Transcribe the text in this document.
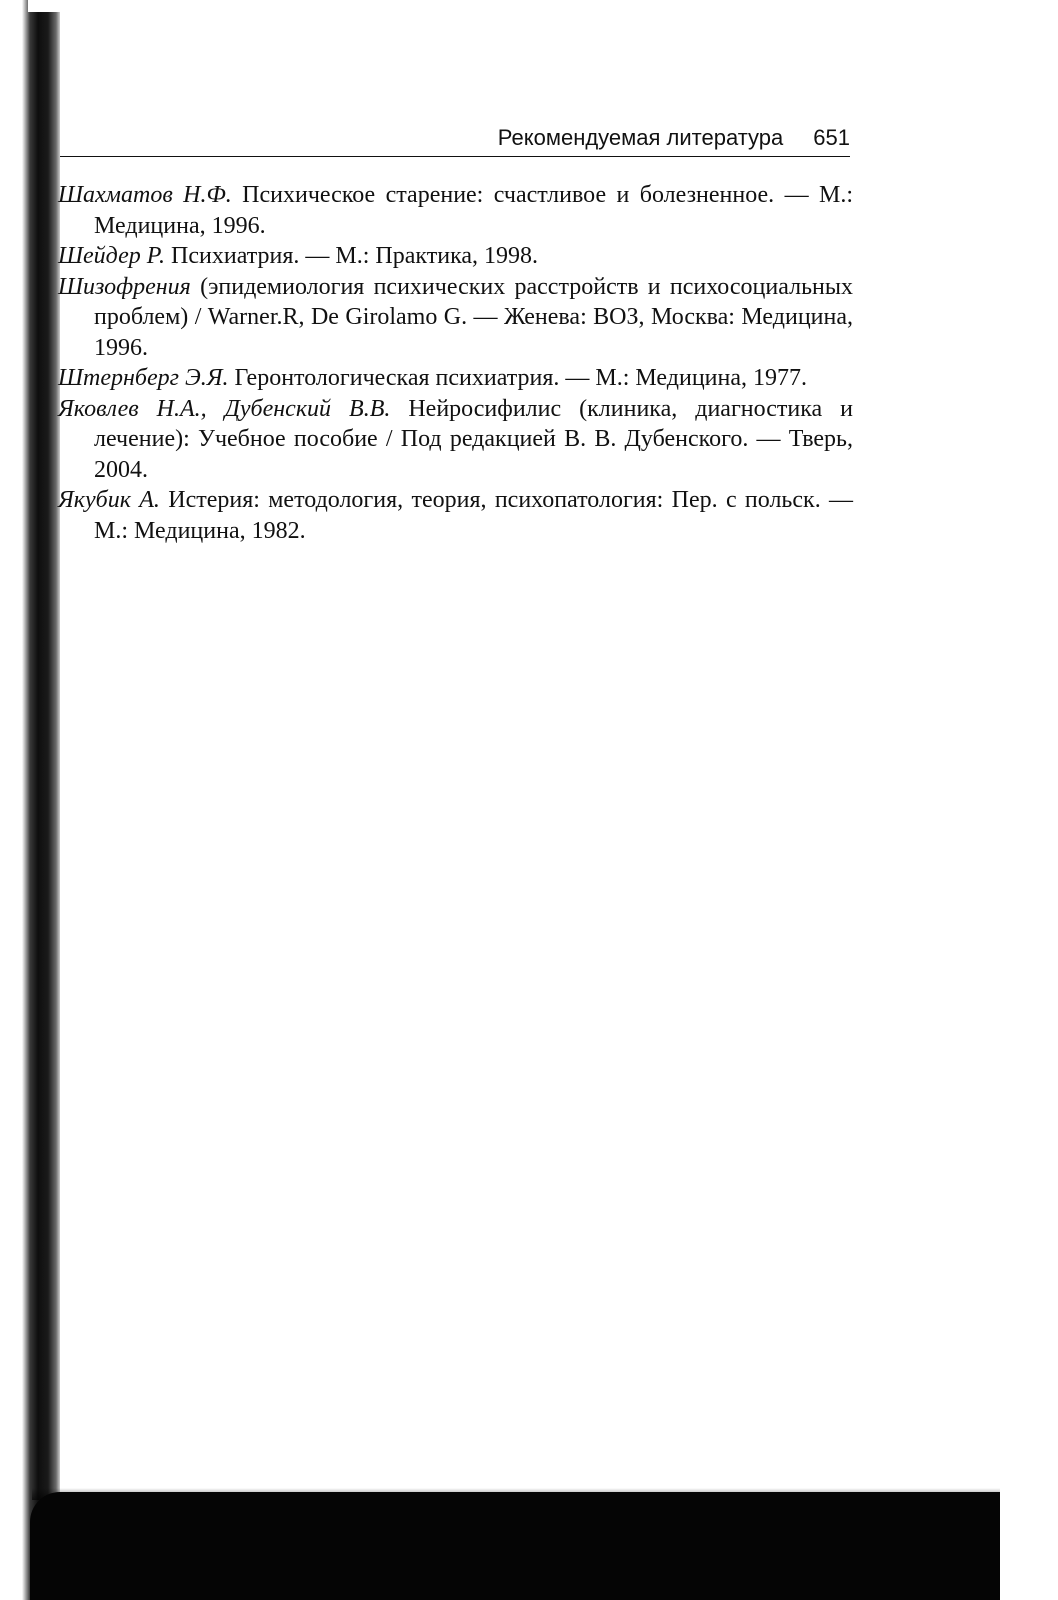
Рекомендуемая литература 651

Шахматов Н.Ф. Психическое старение: счастливое и болезненное. — М.: Медицина, 1996.

Шейдер Р. Психиатрия. — М.: Практика, 1998.

Шизофрения (эпидемиология психических расстройств и психосоциальных проблем) / Warner.R, De Girolamo G. — Женева: ВОЗ, Москва: Медицина, 1996.

Штернберг Э.Я. Геронтологическая психиатрия. — М.: Медицина, 1977.

Яковлев Н.А., Дубенский В.В. Нейросифилис (клиника, диагностика и лечение): Учебное пособие / Под редакцией В. В. Дубенского. — Тверь, 2004.

Якубик А. Истерия: методология, теория, психопатология: Пер. с польск. — М.: Медицина, 1982.
